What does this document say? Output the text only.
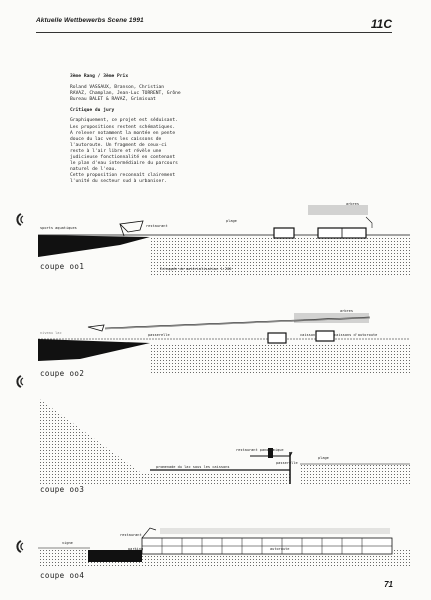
Aktuelle Wettbewerbs Scene 1991	11C
3ème Rang / 3ème Prix
Roland VASSAUX, Branson, Christian
RAVAZ, Champlan, Jean-Luc TORRENT, Grône
Bureau BALET & RAVAZ, Grimisuat
Critique du jury
Graphiquement, ce projet est séduisant.
Les propositions restent schématiques.
A relever notamment la montée en pente
douce du lac vers les caissons de
l'autoroute. Un fragment de ceux-ci
reste à l'air libre et révèle une
judicieuse fonctionnalité en contenant
le plan d'eau intermédiaire du parcours
naturel de l'eau.
Cette proposition reconnaît clairement
l'unité du secteur sud à urbaniser.
sports aquatiques	restaurant
plage
arbres
Echappée de matérialisation 1:200
coupe oo1
niveau lac	passerelle	caisson	caissons d'autoroute
arbres
coupe oo2
restaurant panoramique
passerelle
plage
promenade du lac sous les caissons
coupe oo3
vigne
restaurant
parking	autoroute
coupe oo4
71
